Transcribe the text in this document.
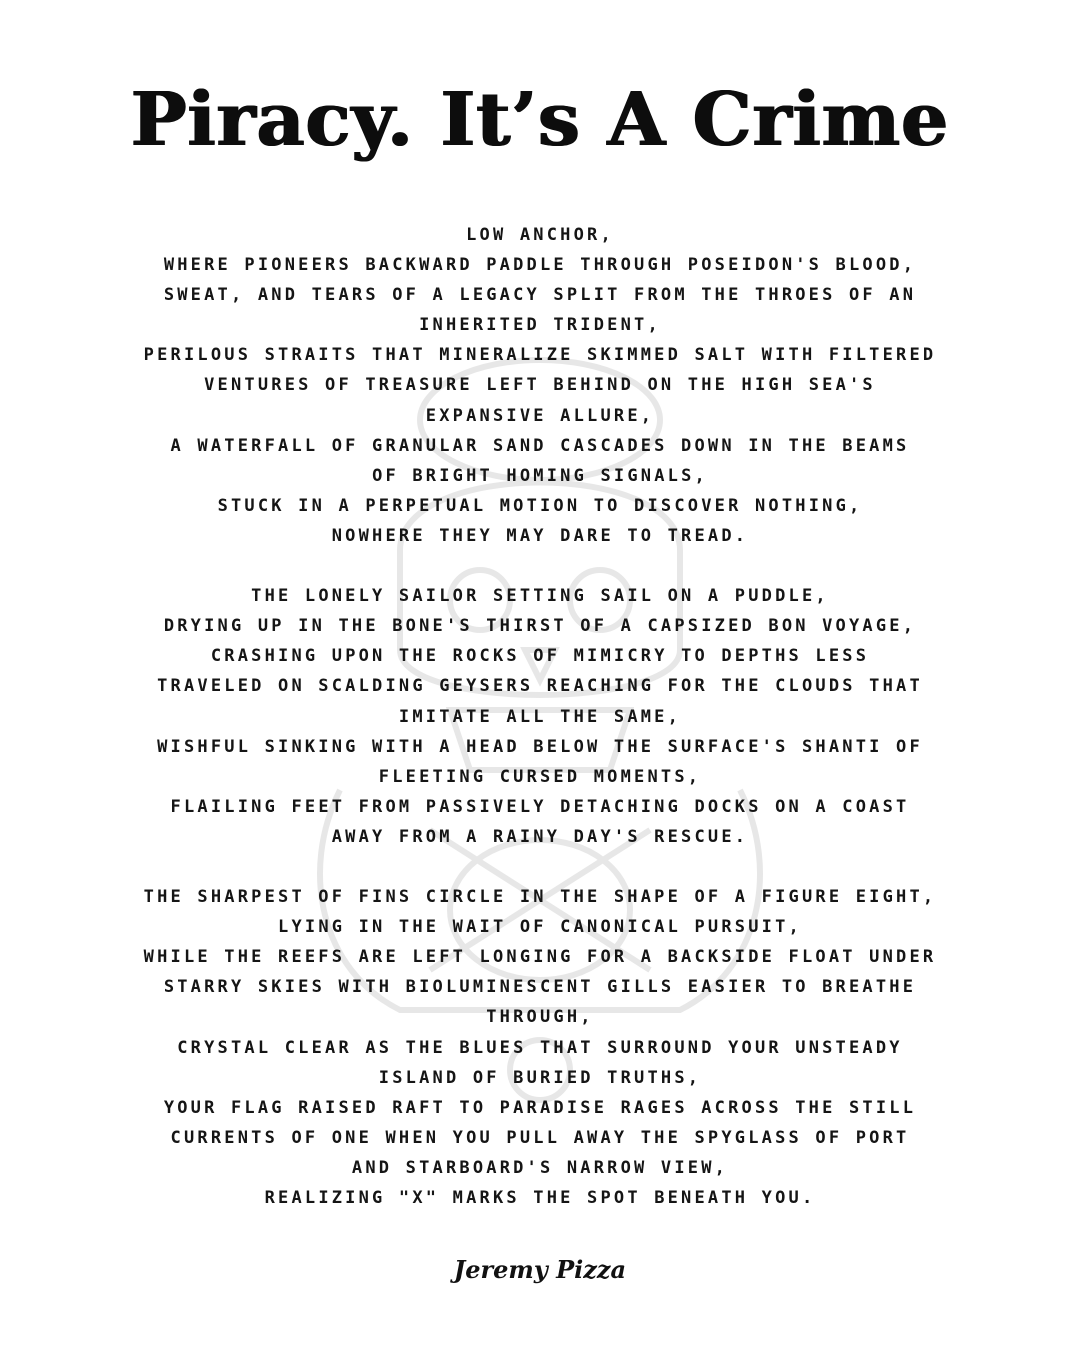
Piracy. It’s A Crime
LOW ANCHOR,
WHERE PIONEERS BACKWARD PADDLE THROUGH POSEIDON'S BLOOD,
SWEAT, AND TEARS OF A LEGACY SPLIT FROM THE THROES OF AN
INHERITED TRIDENT,
PERILOUS STRAITS THAT MINERALIZE SKIMMED SALT WITH FILTERED
VENTURES OF TREASURE LEFT BEHIND ON THE HIGH SEA'S
EXPANSIVE ALLURE,
A WATERFALL OF GRANULAR SAND CASCADES DOWN IN THE BEAMS
OF BRIGHT HOMING SIGNALS,
STUCK IN A PERPETUAL MOTION TO DISCOVER NOTHING,
NOWHERE THEY MAY DARE TO TREAD.
THE LONELY SAILOR SETTING SAIL ON A PUDDLE,
DRYING UP IN THE BONE'S THIRST OF A CAPSIZED BON VOYAGE,
CRASHING UPON THE ROCKS OF MIMICRY TO DEPTHS LESS
TRAVELED ON SCALDING GEYSERS REACHING FOR THE CLOUDS THAT
IMITATE ALL THE SAME,
WISHFUL SINKING WITH A HEAD BELOW THE SURFACE'S SHANTI OF
FLEETING CURSED MOMENTS,
FLAILING FEET FROM PASSIVELY DETACHING DOCKS ON A COAST
AWAY FROM A RAINY DAY'S RESCUE.
THE SHARPEST OF FINS CIRCLE IN THE SHAPE OF A FIGURE EIGHT,
LYING IN THE WAIT OF CANONICAL PURSUIT,
WHILE THE REEFS ARE LEFT LONGING FOR A BACKSIDE FLOAT UNDER
STARRY SKIES WITH BIOLUMINESCENT GILLS EASIER TO BREATHE
THROUGH,
CRYSTAL CLEAR AS THE BLUES THAT SURROUND YOUR UNSTEADY
ISLAND OF BURIED TRUTHS,
YOUR FLAG RAISED RAFT TO PARADISE RAGES ACROSS THE STILL
CURRENTS OF ONE WHEN YOU PULL AWAY THE SPYGLASS OF PORT
AND STARBOARD'S NARROW VIEW,
REALIZING "X" MARKS THE SPOT BENEATH YOU.
Jeremy Pizza
